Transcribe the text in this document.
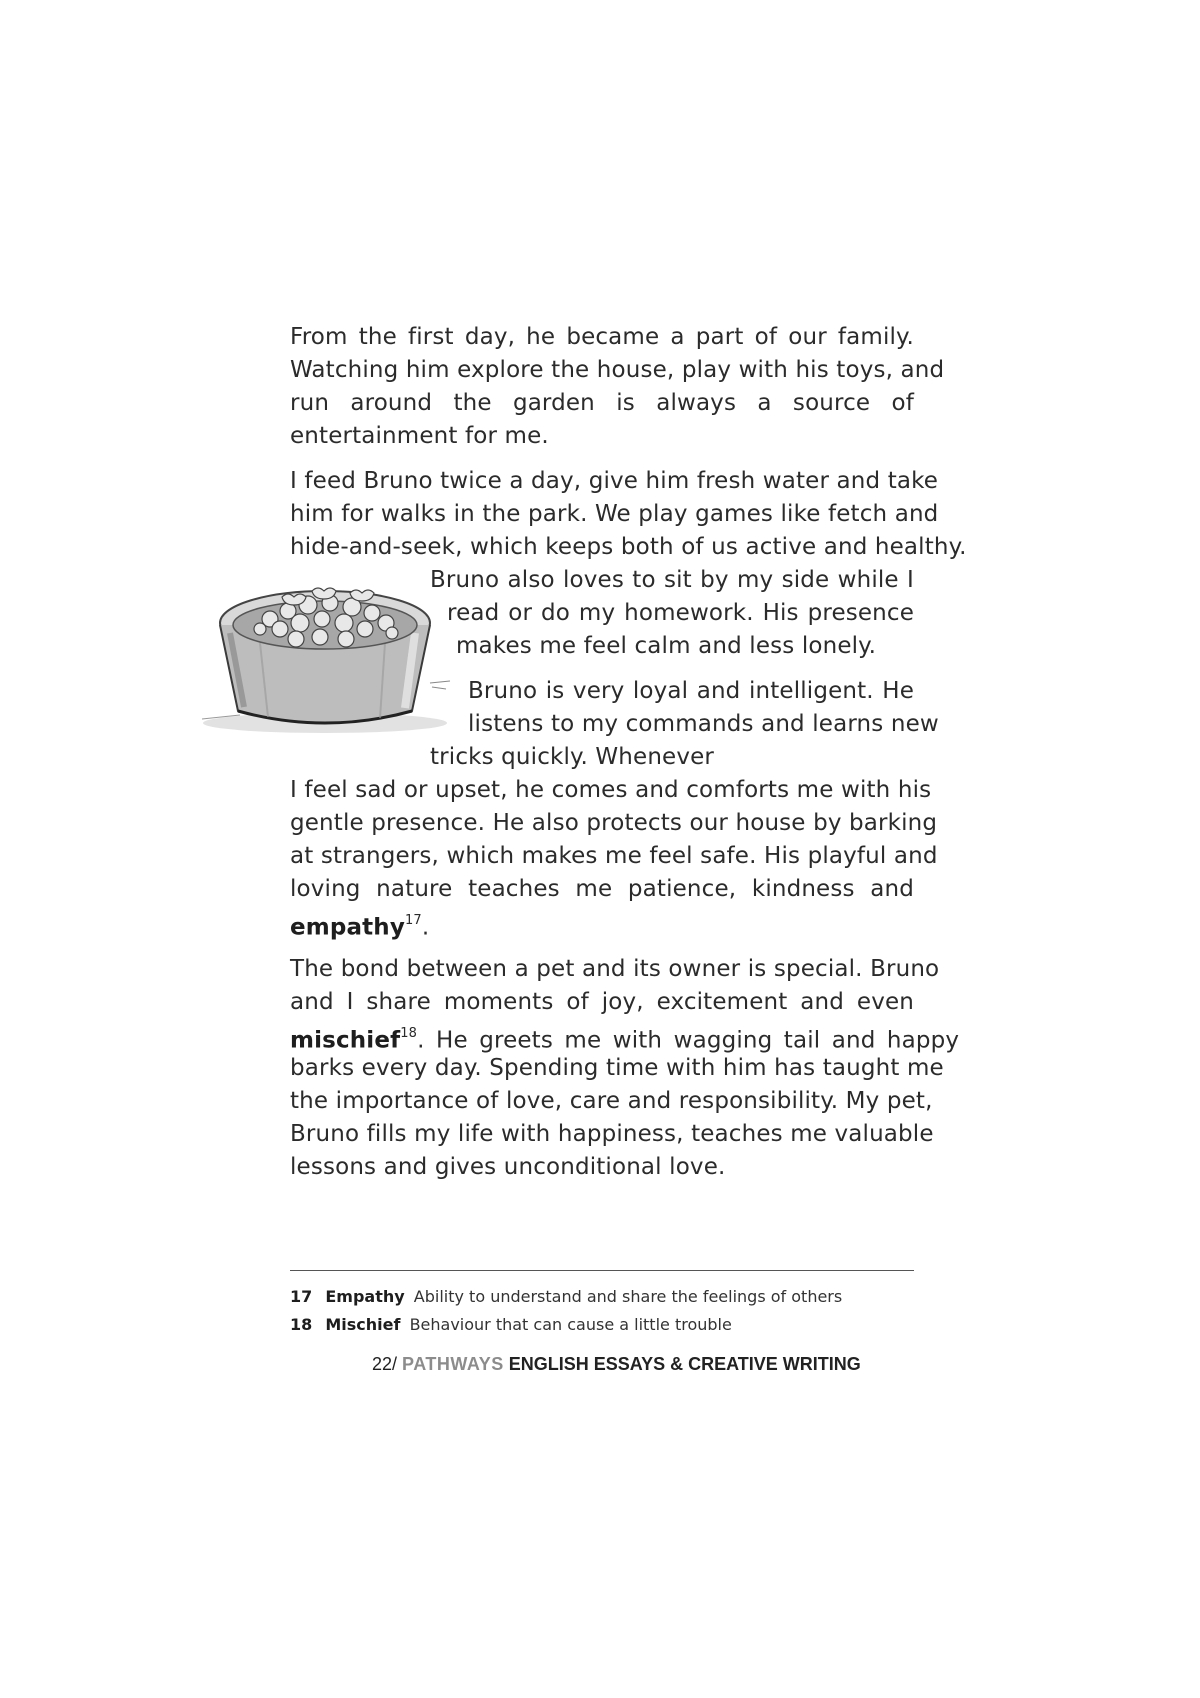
From the first day, he became a part of our family.
Watching him explore the house, play with his toys, and
run around the garden is always a source of
entertainment for me.
I feed Bruno twice a day, give him fresh water and take
him for walks in the park. We play games like fetch and
hide-and-seek, which keeps both of us active and healthy.
Bruno also loves to sit by my side while I
read or do my homework. His presence
makes me feel calm and less lonely.
Bruno is very loyal and intelligent. He
listens to my commands and learns new
tricks quickly. Whenever
I feel sad or upset, he comes and comforts me with his
gentle presence. He also protects our house by barking
at strangers, which makes me feel safe. His playful and
loving nature teaches me patience, kindness and
empathy$^{17}$.
The bond between a pet and its owner is special. Bruno
and I share moments of joy, excitement and even
mischief$^{18}$. He greets me with wagging tail and happy
barks every day. Spending time with him has taught me
the importance of love, care and responsibility. My pet,
Bruno fills my life with happiness, teaches me valuable
lessons and gives unconditional love.
17 Empathy Ability to understand and share the feelings of others
18 Mischief Behaviour that can cause a little trouble
22/ PATHWAYS ENGLISH ESSAYS & CREATIVE WRITING
